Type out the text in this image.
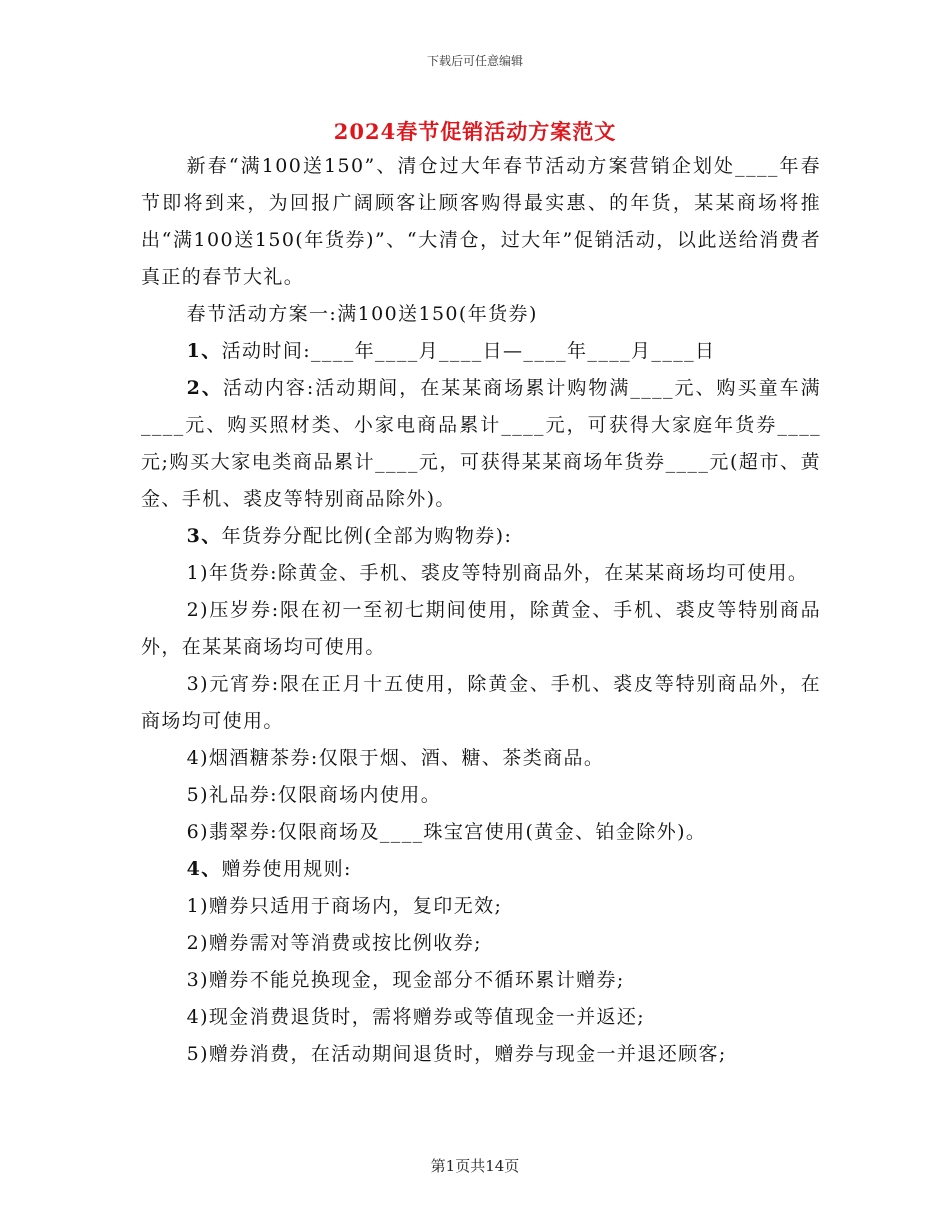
下载后可任意编辑
2024春节促销活动方案范文

新春“满100送150”、清仓过大年春节活动方案营销企划处____年春节即将到来，为回报广阔顾客让顾客购得最实惠、的年货，某某商场将推出“满100送150(年货券)”、“大清仓，过大年”促销活动，以此送给消费者真正的春节大礼。

春节活动方案一:满100送150(年货券)

1、活动时间:____年____月____日—____年____月____日

2、活动内容:活动期间，在某某商场累计购物满____元、购买童车满____元、购买照材类、小家电商品累计____元，可获得大家庭年货券____元;购买大家电类商品累计____元，可获得某某商场年货券____元(超市、黄金、手机、裘皮等特别商品除外)。

3、年货券分配比例(全部为购物券):

1)年货券:除黄金、手机、裘皮等特别商品外，在某某商场均可使用。

2)压岁券:限在初一至初七期间使用，除黄金、手机、裘皮等特别商品外，在某某商场均可使用。

3)元宵券:限在正月十五使用，除黄金、手机、裘皮等特别商品外，在商场均可使用。

4)烟酒糖茶券:仅限于烟、酒、糖、茶类商品。

5)礼品券:仅限商场内使用。

6)翡翠券:仅限商场及____珠宝宫使用(黄金、铂金除外)。

4、赠券使用规则:

1)赠券只适用于商场内，复印无效;

2)赠券需对等消费或按比例收券;

3)赠券不能兑换现金，现金部分不循环累计赠券;

4)现金消费退货时，需将赠券或等值现金一并返还;

5)赠券消费，在活动期间退货时，赠券与现金一并退还顾客;

第1页共14页
